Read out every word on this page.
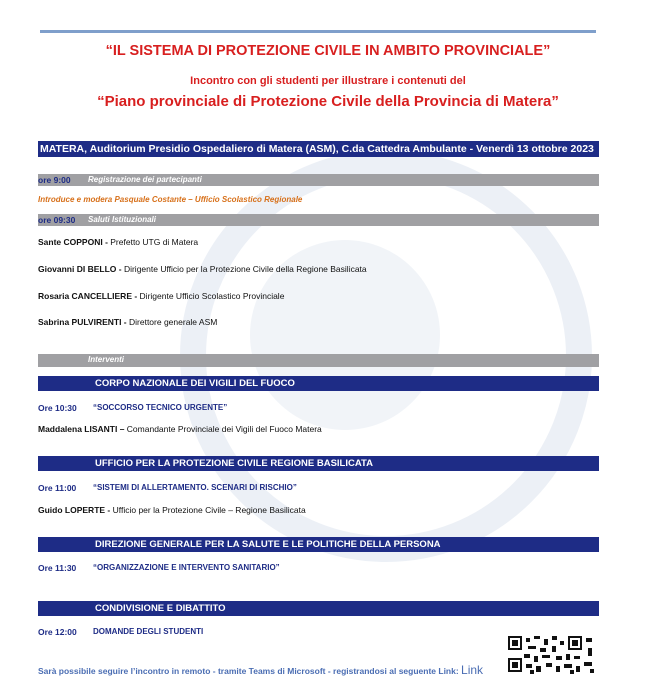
“IL SISTEMA DI PROTEZIONE CIVILE IN AMBITO PROVINCIALE”
Incontro con gli studenti per illustrare i contenuti del
“Piano provinciale di Protezione Civile della Provincia di Matera”
MATERA, Auditorium Presidio Ospedaliero di Matera (ASM), C.da Cattedra Ambulante - Venerdì 13 ottobre 2023
ore 9:00 Registrazione dei partecipanti
Introduce e modera Pasquale Costante – Ufficio Scolastico Regionale
ore 09:30 Saluti Istituzionali
Sante COPPONI - Prefetto UTG di Matera
Giovanni DI BELLO - Dirigente Ufficio per la Protezione Civile della Regione Basilicata
Rosaria CANCELLIERE - Dirigente Ufficio Scolastico Provinciale
Sabrina PULVIRENTI - Direttore generale ASM
Interventi
CORPO NAZIONALE DEI VIGILI DEL FUOCO
Ore 10:30 “SOCCORSO TECNICO URGENTE”
Maddalena LISANTI – Comandante Provinciale dei Vigili del Fuoco Matera
UFFICIO PER LA PROTEZIONE CIVILE REGIONE BASILICATA
Ore 11:00 “SISTEMI DI ALLERTAMENTO. SCENARI DI RISCHIO”
Guido LOPERTE - Ufficio per la Protezione Civile – Regione Basilicata
DIREZIONE GENERALE PER LA SALUTE E LE POLITICHE DELLA PERSONA
Ore 11:30 “ORGANIZZAZIONE E INTERVENTO SANITARIO”
CONDIVISIONE E DIBATTITO
Ore 12:00 DOMANDE DEGLI STUDENTI
Sarà possibile seguire l’incontro in remoto - tramite Teams di Microsoft - registrandosi al seguente Link: Link
